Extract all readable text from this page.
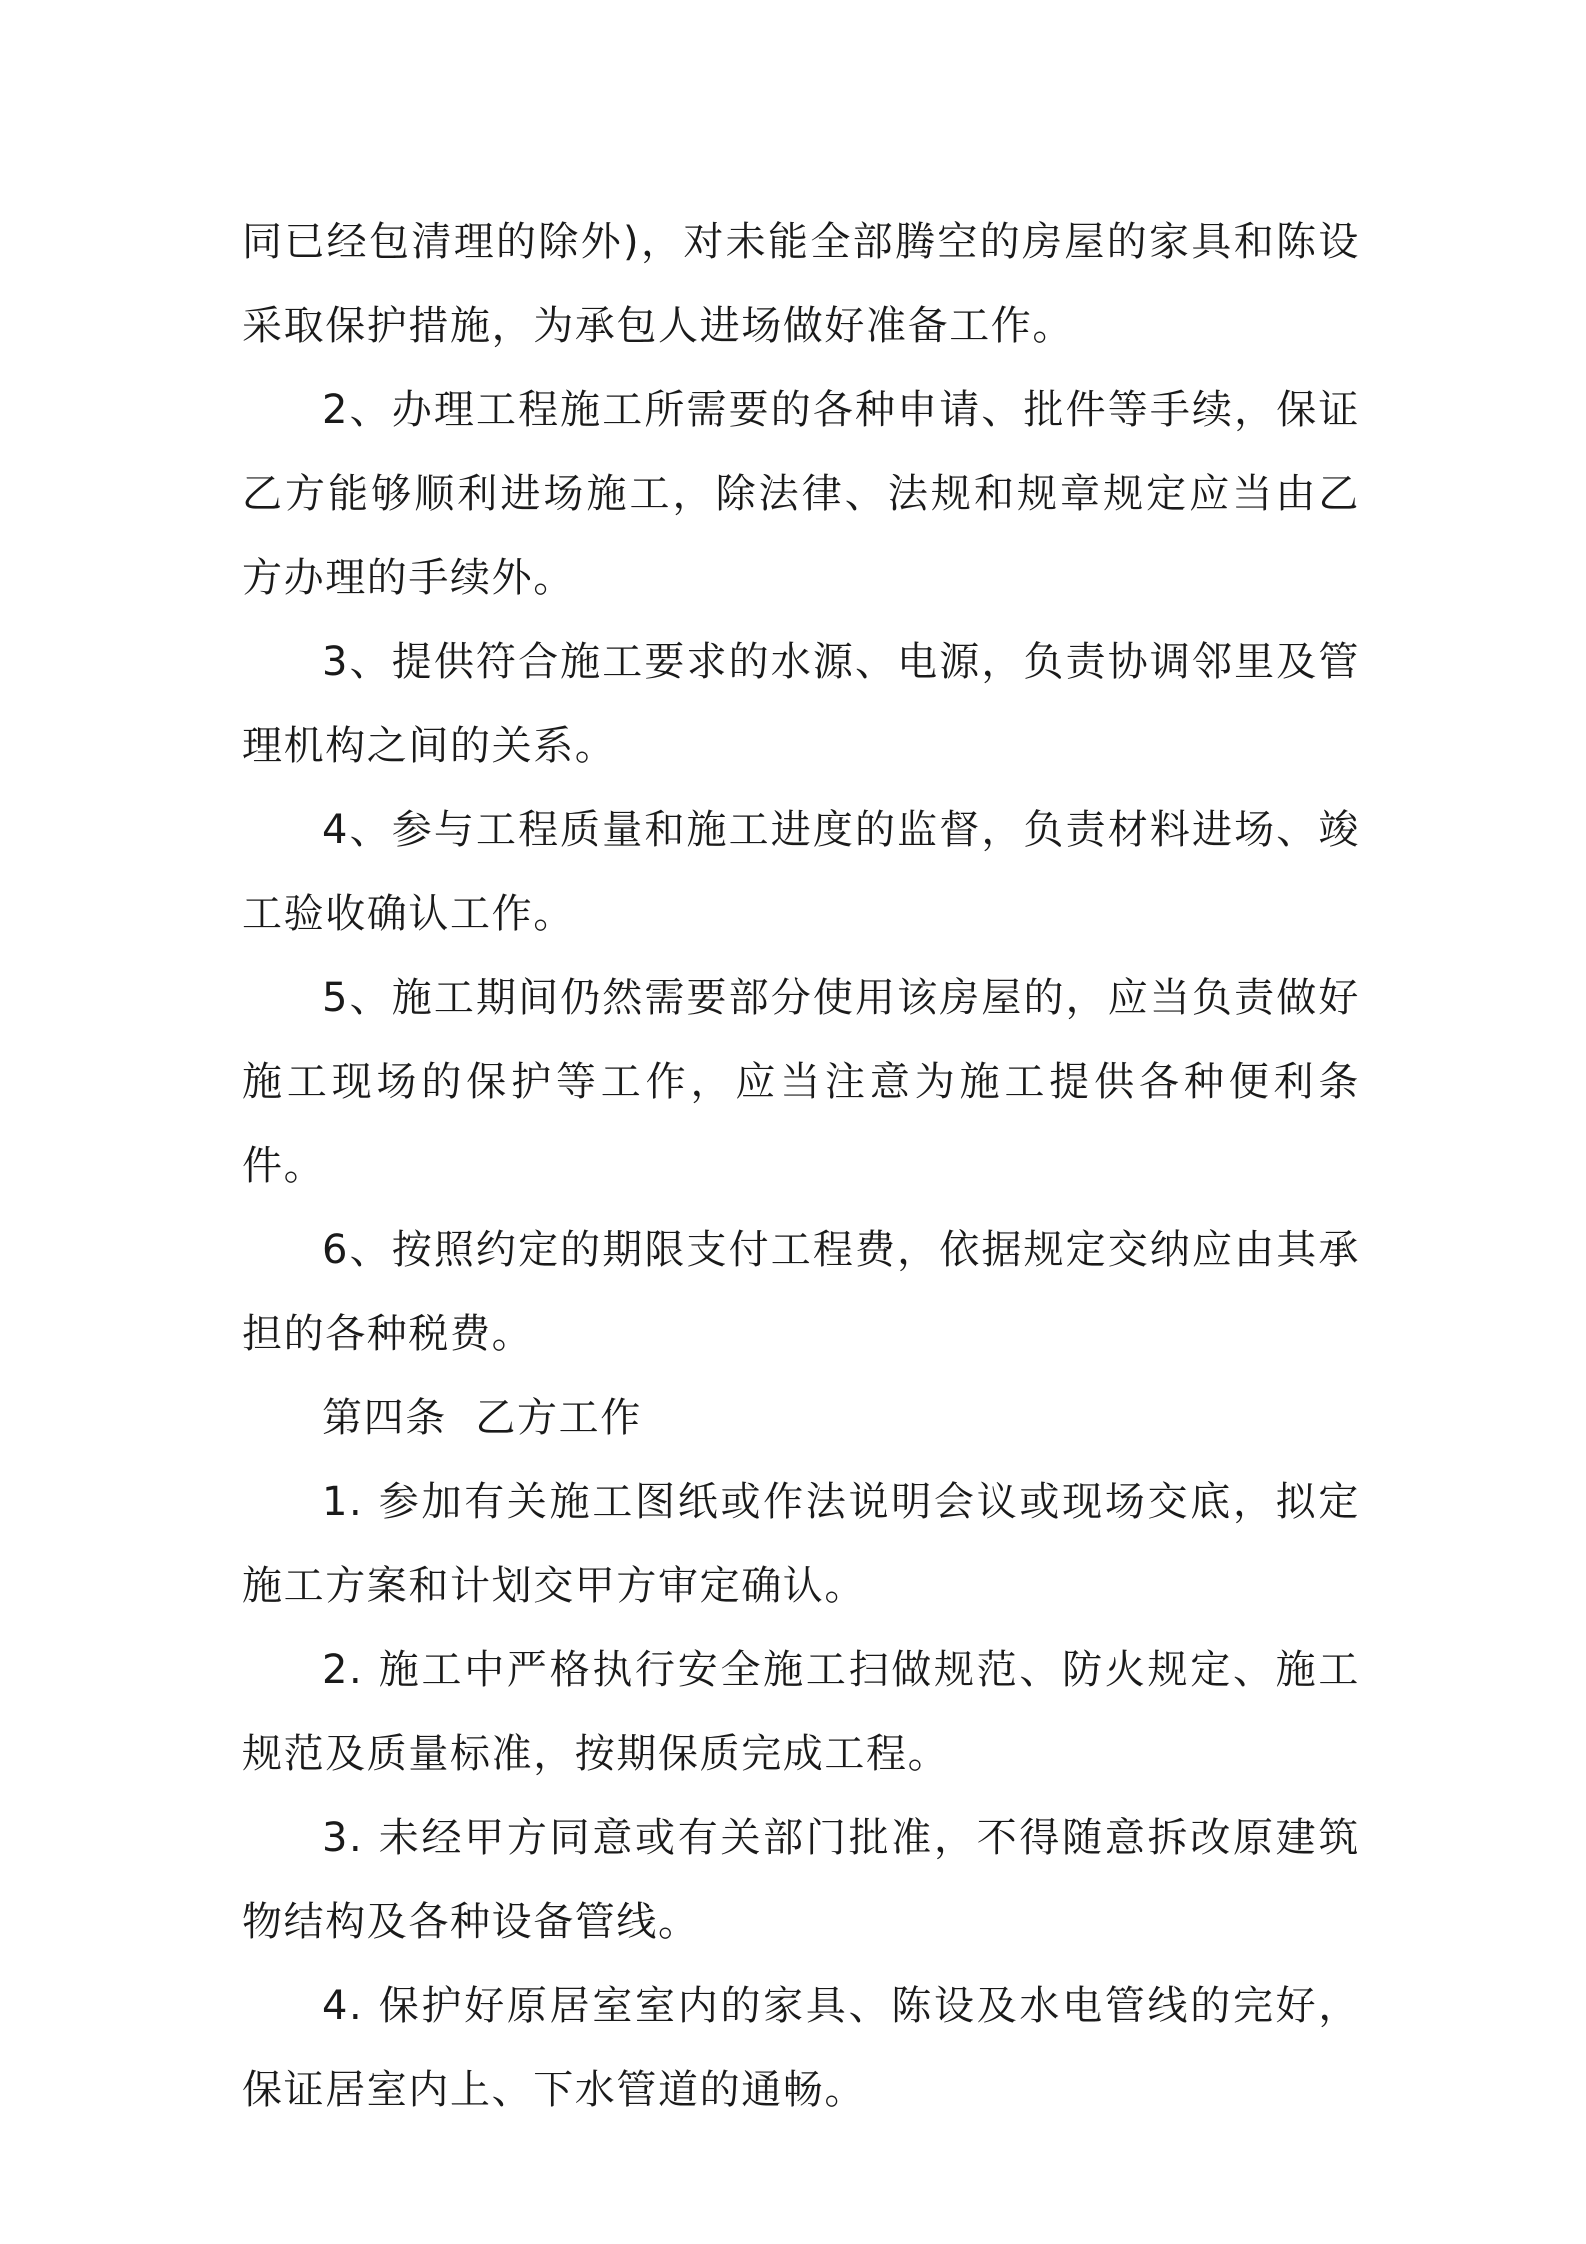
同已经包清理的除外)，对未能全部腾空的房屋的家具和陈设采取保护措施，为承包人进场做好准备工作。

2、办理工程施工所需要的各种申请、批件等手续，保证乙方能够顺利进场施工，除法律、法规和规章规定应当由乙方办理的手续外。

3、提供符合施工要求的水源、电源，负责协调邻里及管理机构之间的关系。

4、参与工程质量和施工进度的监督，负责材料进场、竣工验收确认工作。

5、施工期间仍然需要部分使用该房屋的，应当负责做好施工现场的保护等工作，应当注意为施工提供各种便利条件。

6、按照约定的期限支付工程费，依据规定交纳应由其承担的各种税费。

第四条  乙方工作

1. 参加有关施工图纸或作法说明会议或现场交底，拟定施工方案和计划交甲方审定确认。

2. 施工中严格执行安全施工扫做规范、防火规定、施工规范及质量标准，按期保质完成工程。

3. 未经甲方同意或有关部门批准，不得随意拆改原建筑物结构及各种设备管线。

4. 保护好原居室室内的家具、陈设及水电管线的完好，保证居室内上、下水管道的通畅。
